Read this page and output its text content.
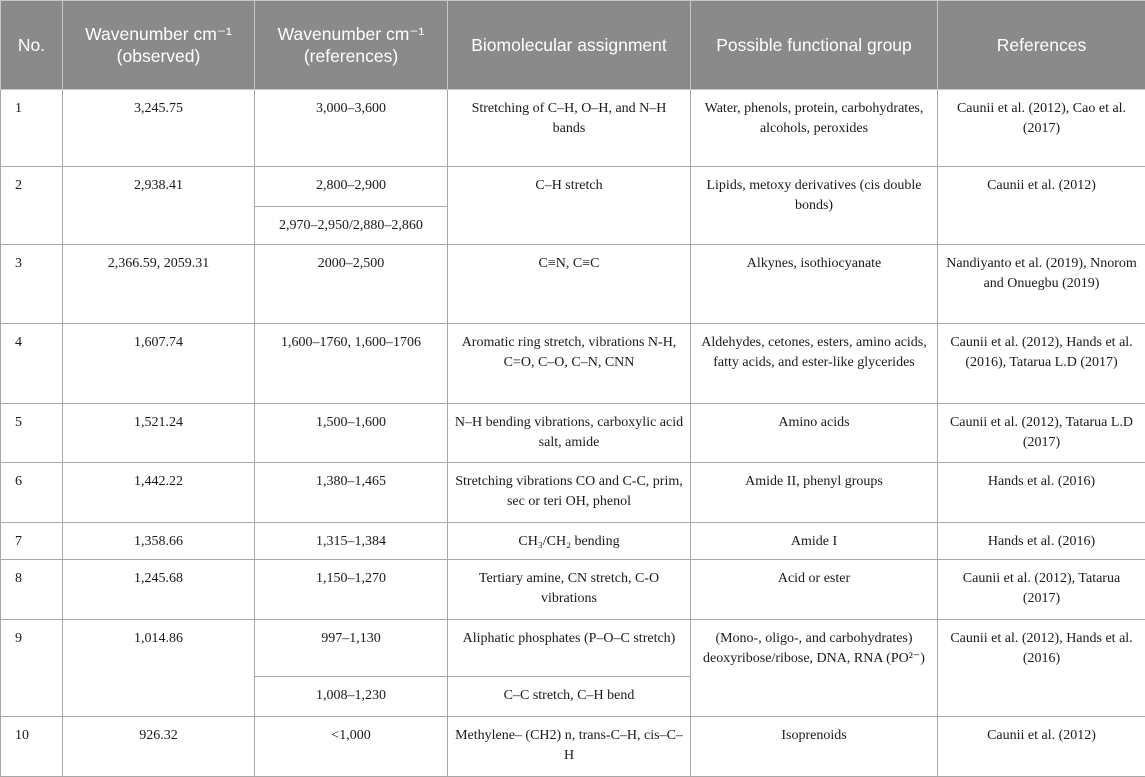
No.	Wavenumber cm⁻¹ (observed)	Wavenumber cm⁻¹ (references)	Biomolecular assignment	Possible functional group	References
1	3,245.75	3,000–3,600	Stretching of C–H, O–H, and N–H bands	Water, phenols, protein, carbohydrates, alcohols, peroxides	Caunii et al. (2012), Cao et al. (2017)
2	2,938.41	2,800–2,900	C–H stretch	Lipids, metoxy derivatives (cis double bonds)	Caunii et al. (2012)
		2,970–2,950/2,880–2,860			
3	2,366.59, 2059.31	2000–2,500	C≡N, C≡C	Alkynes, isothiocyanate	Nandiyanto et al. (2019), Nnorom and Onuegbu (2019)
4	1,607.74	1,600–1760, 1,600–1706	Aromatic ring stretch, vibrations N-H, C=O, C–O, C–N, CNN	Aldehydes, cetones, esters, amino acids, fatty acids, and ester-like glycerides	Caunii et al. (2012), Hands et al. (2016), Tatarua L.D (2017)
5	1,521.24	1,500–1,600	N–H bending vibrations, carboxylic acid salt, amide	Amino acids	Caunii et al. (2012), Tatarua L.D (2017)
6	1,442.22	1,380–1,465	Stretching vibrations CO and C-C, prim, sec or teri OH, phenol	Amide II, phenyl groups	Hands et al. (2016)
7	1,358.66	1,315–1,384	CH₃/CH₂ bending	Amide I	Hands et al. (2016)
8	1,245.68	1,150–1,270	Tertiary amine, CN stretch, C-O vibrations	Acid or ester	Caunii et al. (2012), Tatarua (2017)
9	1,014.86	997–1,130	Aliphatic phosphates (P–O–C stretch)	(Mono-, oligo-, and carbohydrates) deoxyribose/ribose, DNA, RNA (PO²⁻)	Caunii et al. (2012), Hands et al. (2016)
		1,008–1,230	C–C stretch, C–H bend		
10	926.32	<1,000	Methylene– (CH2) n, trans-C–H, cis–C–H	Isoprenoids	Caunii et al. (2012)
